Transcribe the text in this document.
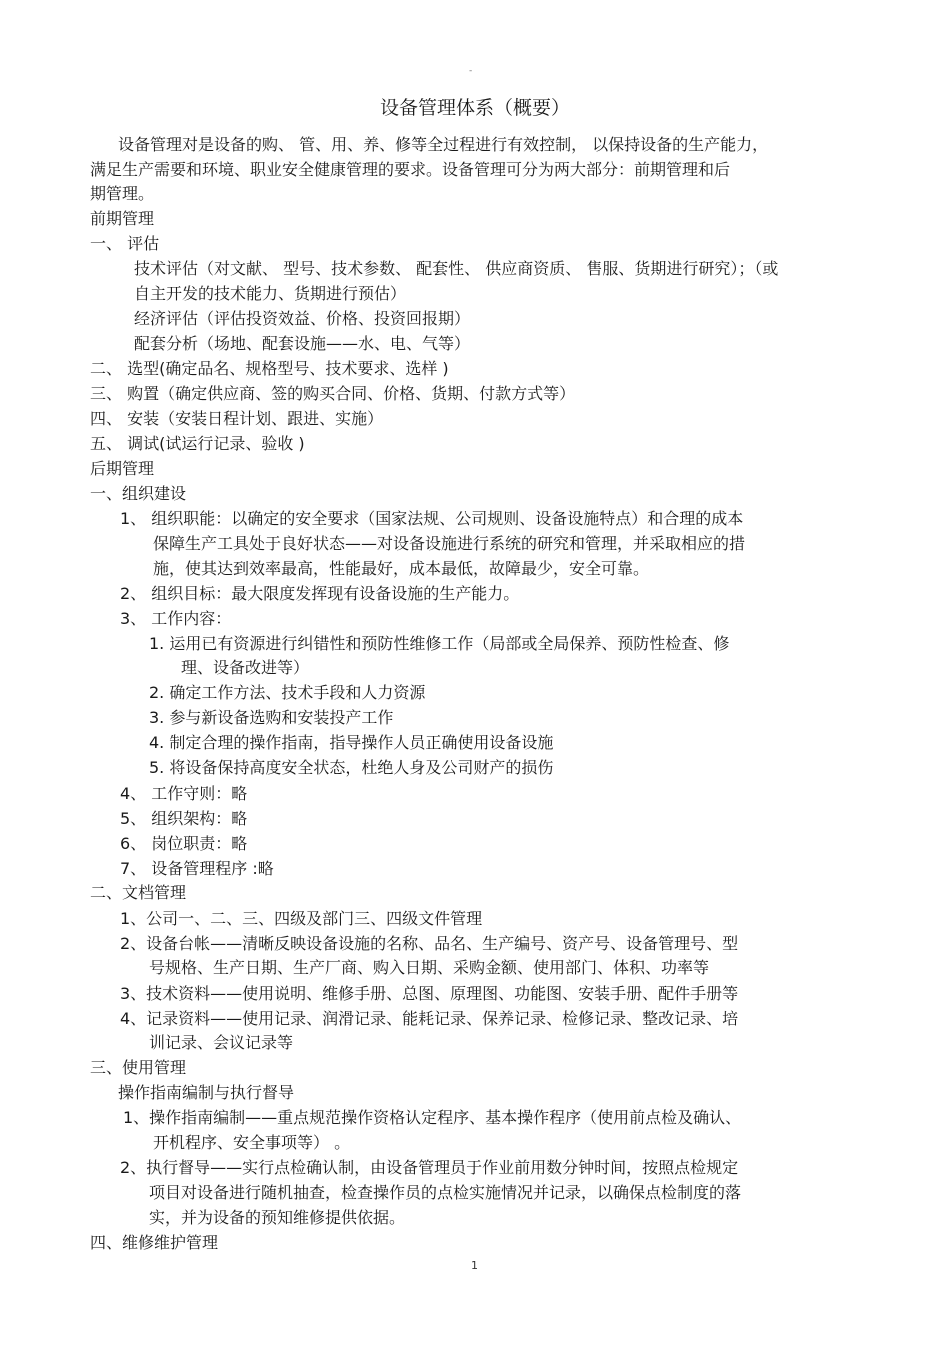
-
设备管理体系（概要）
设备管理对是设备的购、 管、用、养、修等全过程进行有效控制， 以保持设备的生产能力，
满足生产需要和环境、职业安全健康管理的要求。设备管理可分为两大部分：前期管理和后
期管理。
前期管理
一、 评估
技术评估（对文献、 型号、技术参数、 配套性、 供应商资质、 售服、货期进行研究）；（或
自主开发的技术能力、货期进行预估）
经济评估（评估投资效益、价格、投资回报期）
配套分析（场地、配套设施——水、电、气等）
二、 选型(确定品名、规格型号、技术要求、选样 )
三、 购置（确定供应商、签的购买合同、价格、货期、付款方式等）
四、 安装（安装日程计划、跟进、实施）
五、 调试(试运行记录、验收 )
后期管理
一、组织建设
1、 组织职能：以确定的安全要求（国家法规、公司规则、设备设施特点）和合理的成本
保障生产工具处于良好状态——对设备设施进行系统的研究和管理，并采取相应的措
施，使其达到效率最高，性能最好，成本最低，故障最少，安全可靠。
2、 组织目标：最大限度发挥现有设备设施的生产能力。
3、 工作内容：
1. 运用已有资源进行纠错性和预防性维修工作（局部或全局保养、预防性检查、修
理、设备改进等）
2. 确定工作方法、技术手段和人力资源
3. 参与新设备选购和安装投产工作
4. 制定合理的操作指南，指导操作人员正确使用设备设施
5. 将设备保持高度安全状态，杜绝人身及公司财产的损伤
4、 工作守则：略
5、 组织架构：略
6、 岗位职责：略
7、 设备管理程序 :略
二、文档管理
1、公司一、二、三、四级及部门三、四级文件管理
2、设备台帐——清晰反映设备设施的名称、品名、生产编号、资产号、设备管理号、型
号规格、生产日期、生产厂商、购入日期、采购金额、使用部门、体积、功率等
3、技术资料——使用说明、维修手册、总图、原理图、功能图、安装手册、配件手册等
4、记录资料——使用记录、润滑记录、能耗记录、保养记录、检修记录、整改记录、培
训记录、会议记录等
三、使用管理
操作指南编制与执行督导
1、操作指南编制——重点规范操作资格认定程序、基本操作程序（使用前点检及确认、
开机程序、安全事项等） 。
2、执行督导——实行点检确认制，由设备管理员于作业前用数分钟时间，按照点检规定
项目对设备进行随机抽查，检查操作员的点检实施情况并记录，以确保点检制度的落
实，并为设备的预知维修提供依据。
四、维修维护管理
1
